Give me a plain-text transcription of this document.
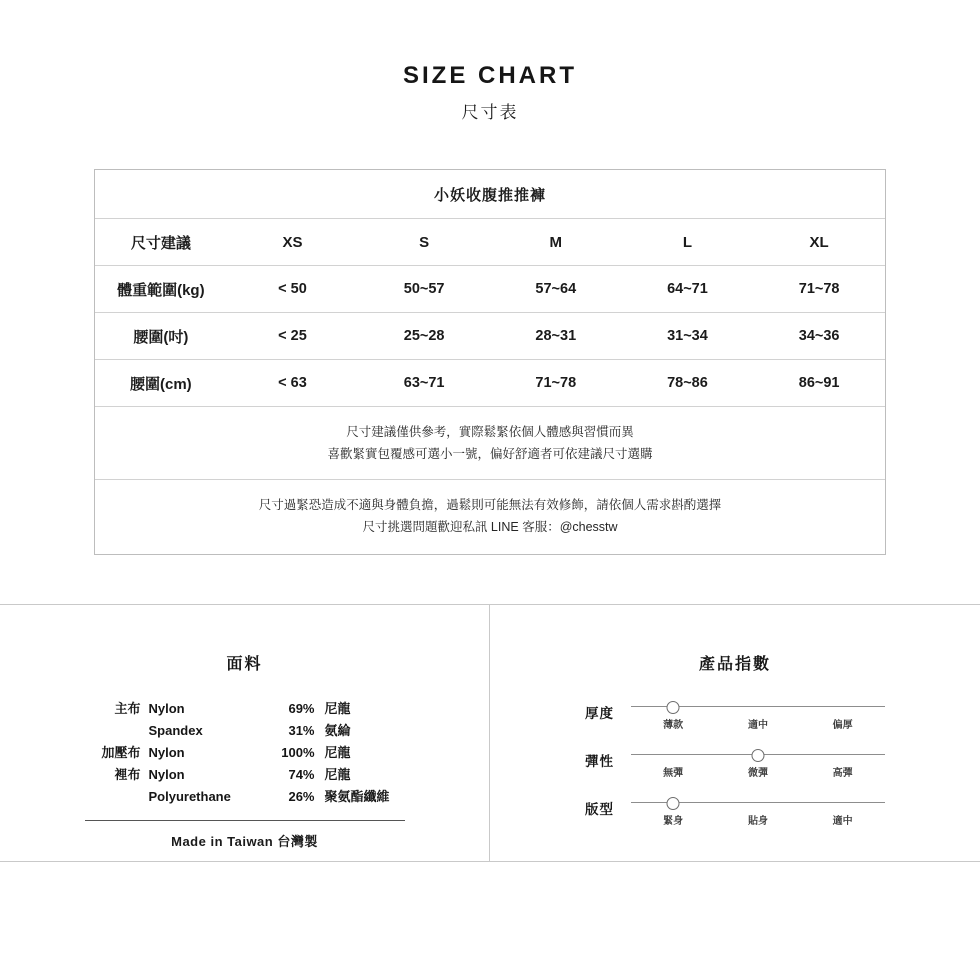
SIZE CHART
尺寸表
小妖收腹推推褲					
尺寸建議	XS	S	M	L	XL
體重範圍(kg)	< 50	50~57	57~64	64~71	71~78
腰圍(吋)	< 25	25~28	28~31	31~34	34~36
腰圍(cm)	< 63	63~71	71~78	78~86	86~91
尺寸建議僅供參考，實際鬆緊依個人體感與習慣而異
喜歡緊實包覆感可選小一號，偏好舒適者可依建議尺寸選購
尺寸過緊恐造成不適與身體負擔，過鬆則可能無法有效修飾，請依個人需求斟酌選擇
尺寸挑選問題歡迎私訊 LINE 客服：@chesstw
面料
主布 Nylon	69% 尼龍
Spandex	31% 氨綸
加壓布 Nylon	100% 尼龍
裡布 Nylon	74% 尼龍
Polyurethane	26% 聚氨酯纖維
Made in Taiwan 台灣製
產品指數
厚度
薄款	適中	偏厚
彈性
無彈	微彈	高彈
版型
緊身	貼身	適中
